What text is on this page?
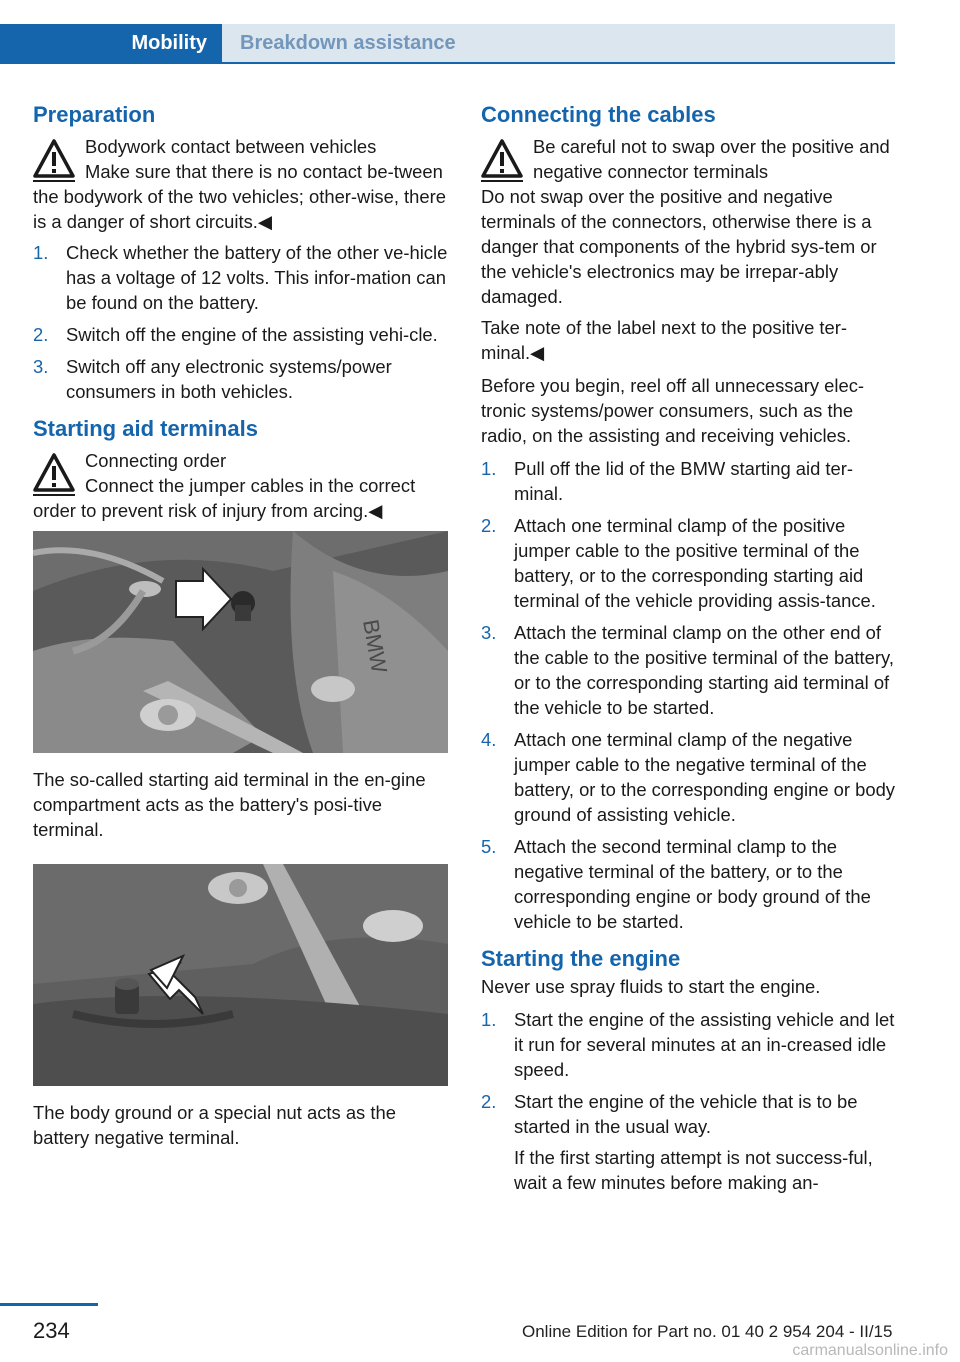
Mobility	Breakdown assistance
Preparation
Bodywork contact between vehicles
Make sure that there is no contact be-tween the bodywork of the two vehicles; other-wise, there is a danger of short circuits.◀
1. Check whether the battery of the other ve-hicle has a voltage of 12 volts. This infor-mation can be found on the battery.
2. Switch off the engine of the assisting vehi-cle.
3. Switch off any electronic systems/power consumers in both vehicles.
Starting aid terminals
Connecting order
Connect the jumper cables in the correct order to prevent risk of injury from arcing.◀
BMW

The so-called starting aid terminal in the en-gine compartment acts as the battery's posi-tive terminal.

The body ground or a special nut acts as the battery negative terminal.

Connecting the cables
Be careful not to swap over the positive and negative connector terminals
Do not swap over the positive and negative terminals of the connectors, otherwise there is a danger that components of the hybrid sys-tem or the vehicle's electronics may be irrepar-ably damaged.

Take note of the label next to the positive ter-minal.◀

Before you begin, reel off all unnecessary elec-tronic systems/power consumers, such as the radio, on the assisting and receiving vehicles.

1. Pull off the lid of the BMW starting aid ter-minal.
2. Attach one terminal clamp of the positive jumper cable to the positive terminal of the battery, or to the corresponding starting aid terminal of the vehicle providing assis-tance.
3. Attach the terminal clamp on the other end of the cable to the positive terminal of the battery, or to the corresponding starting aid terminal of the vehicle to be started.
4. Attach one terminal clamp of the negative jumper cable to the negative terminal of the battery, or to the corresponding engine or body ground of assisting vehicle.
5. Attach the second terminal clamp to the negative terminal of the battery, or to the corresponding engine or body ground of the vehicle to be started.
Starting the engine

Never use spray fluids to start the engine.

1. Start the engine of the assisting vehicle and let it run for several minutes at an in-creased idle speed.
2. Start the engine of the vehicle that is to be started in the usual way.
If the first starting attempt is not success-ful, wait a few minutes before making an-
234	Online Edition for Part no. 01 40 2 954 204 - II/15
carmanualsonline.info
